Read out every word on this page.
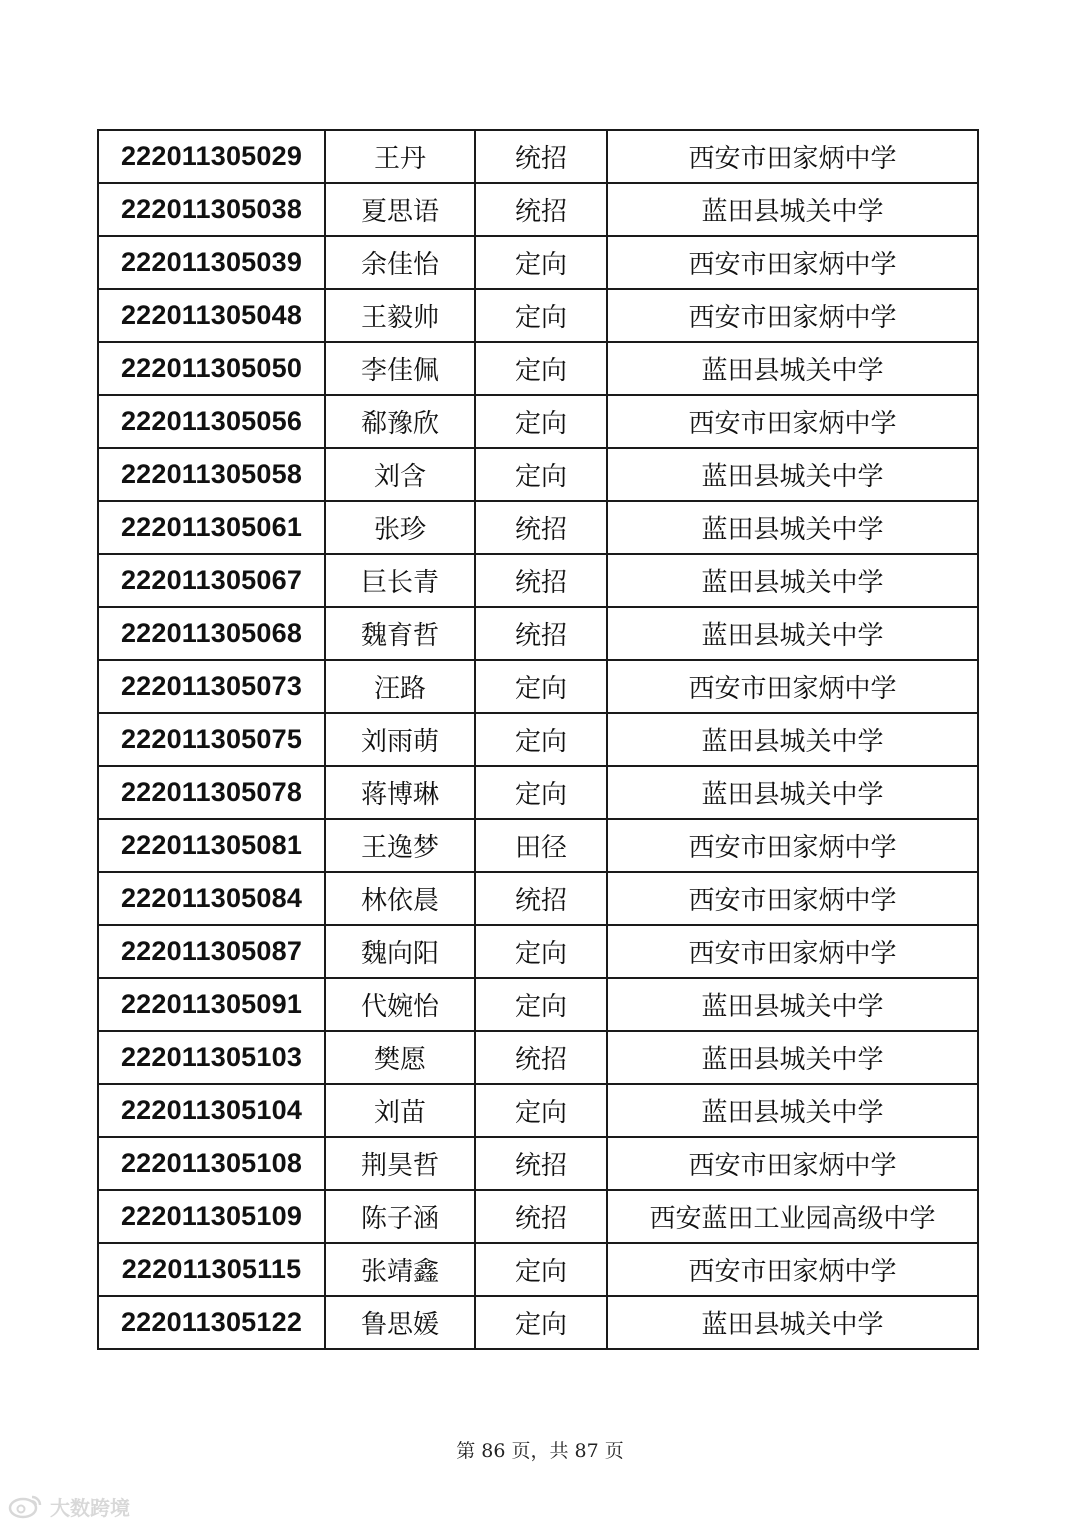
222011305029	王丹	统招	西安市田家炳中学
222011305038	夏思语	统招	蓝田县城关中学
222011305039	余佳怡	定向	西安市田家炳中学
222011305048	王毅帅	定向	西安市田家炳中学
222011305050	李佳佩	定向	蓝田县城关中学
222011305056	郗豫欣	定向	西安市田家炳中学
222011305058	刘含	定向	蓝田县城关中学
222011305061	张珍	统招	蓝田县城关中学
222011305067	巨长青	统招	蓝田县城关中学
222011305068	魏育哲	统招	蓝田县城关中学
222011305073	汪路	定向	西安市田家炳中学
222011305075	刘雨萌	定向	蓝田县城关中学
222011305078	蒋博琳	定向	蓝田县城关中学
222011305081	王逸梦	田径	西安市田家炳中学
222011305084	林依晨	统招	西安市田家炳中学
222011305087	魏向阳	定向	西安市田家炳中学
222011305091	代婉怡	定向	蓝田县城关中学
222011305103	樊愿	统招	蓝田县城关中学
222011305104	刘苗	定向	蓝田县城关中学
222011305108	荆昊哲	统招	西安市田家炳中学
222011305109	陈子涵	统招	西安蓝田工业园高级中学
222011305115	张靖鑫	定向	西安市田家炳中学
222011305122	鲁思媛	定向	蓝田县城关中学
第 86 页，共 87 页
大数跨境
